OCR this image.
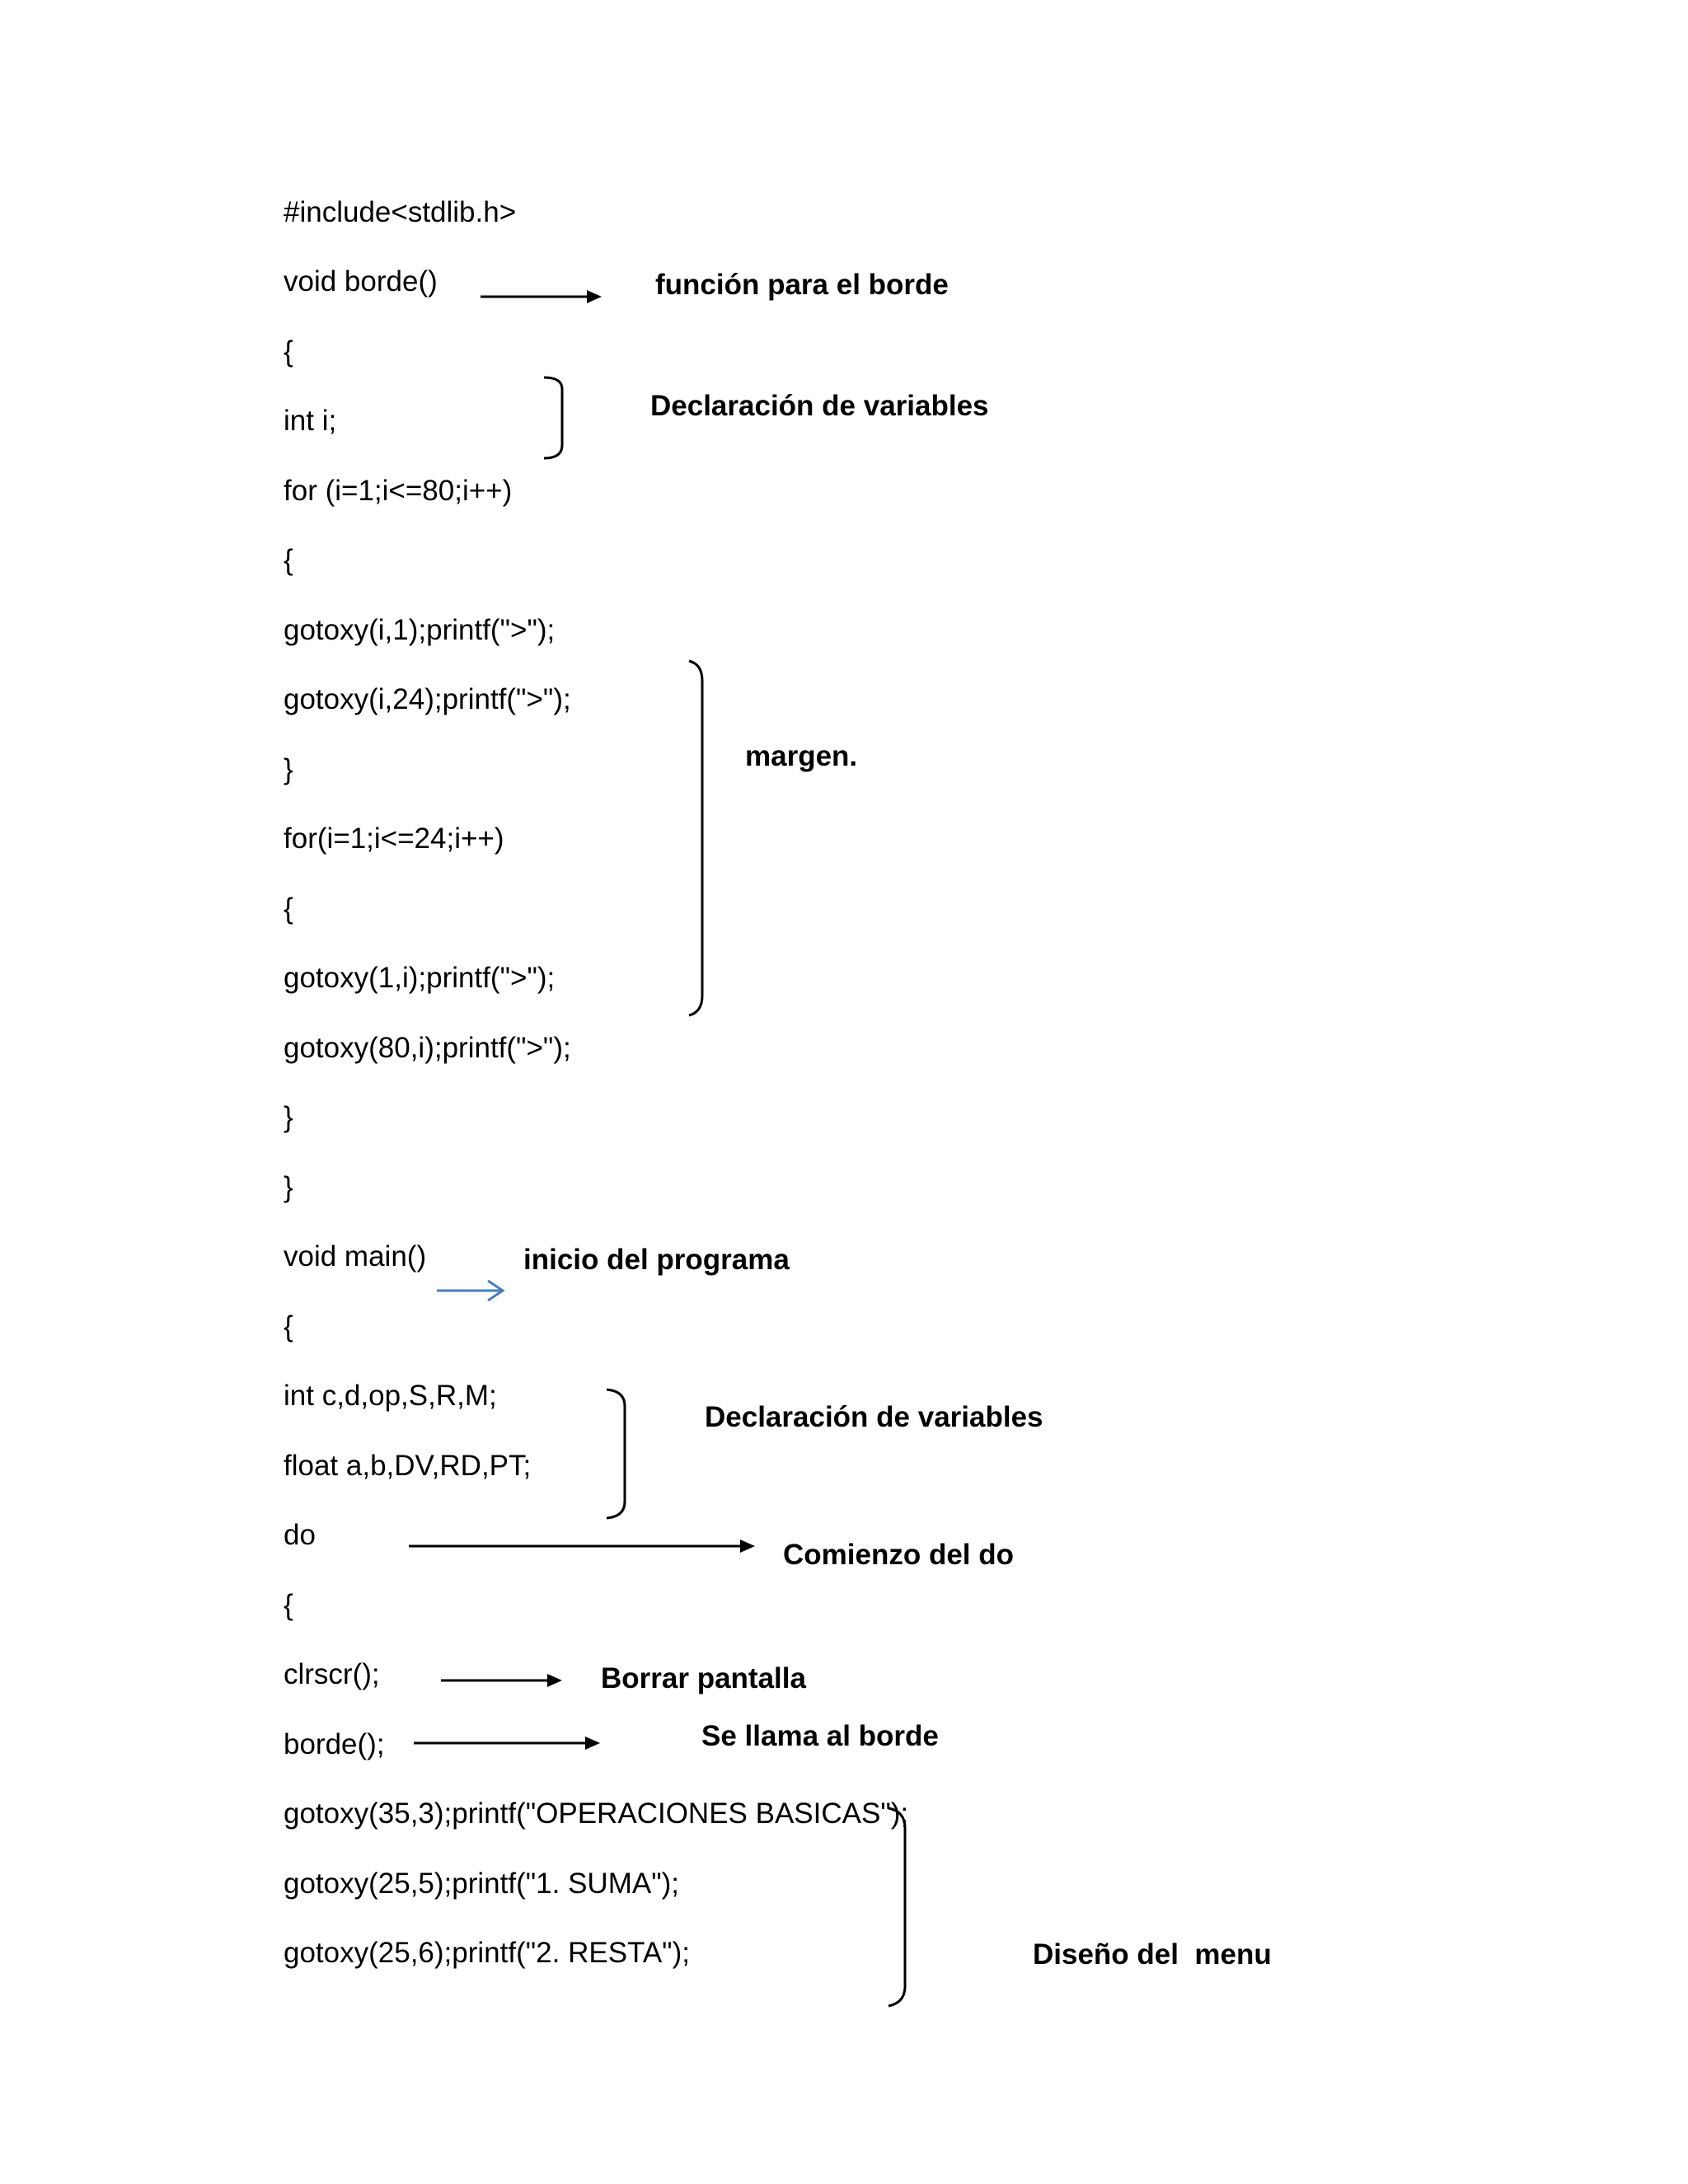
#include<stdlib.h>
void borde()
{
int i;
for (i=1;i<=80;i++)
{
gotoxy(i,1);printf(">");
gotoxy(i,24);printf(">");
}
for(i=1;i<=24;i++)
{
gotoxy(1,i);printf(">");
gotoxy(80,i);printf(">");
}
}
void main()
{
int c,d,op,S,R,M;
float a,b,DV,RD,PT;
do
{
clrscr();
borde();
gotoxy(35,3);printf("OPERACIONES BASICAS");
gotoxy(25,5);printf("1. SUMA");
gotoxy(25,6);printf("2. RESTA");
función para el borde
Declaración de variables
margen.
inicio del programa
Declaración de variables
Comienzo del do
Borrar pantalla
Se llama al borde
Diseño del  menu
